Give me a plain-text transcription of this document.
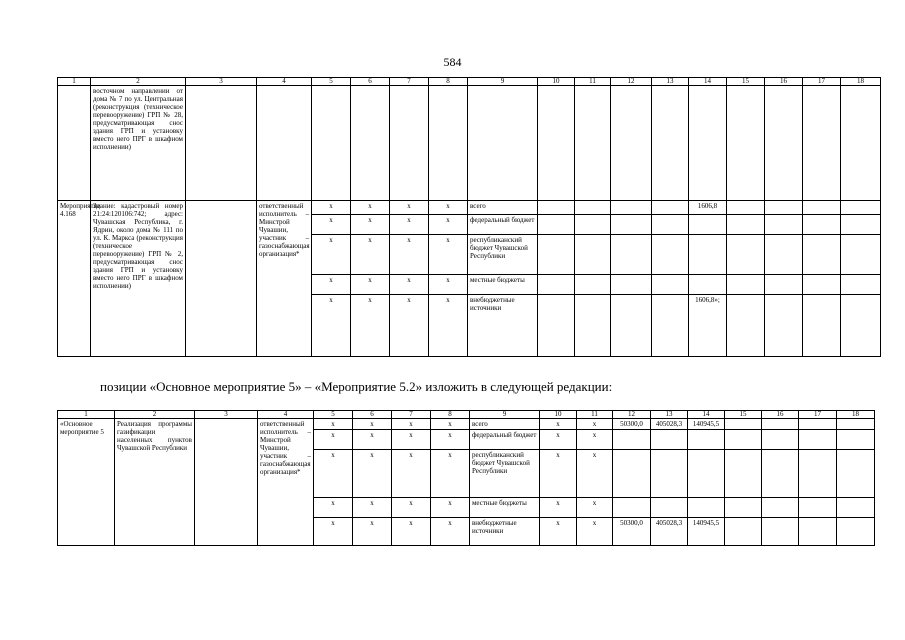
584
1	2	3	4	5	6	7	8	9	10	11	12	13	14	15	16	17	18
	восточном направлении от дома № 7 по ул. Центральная (реконструкция (техническое перевооружение) ГРП № 28, предусматривающая снос здания ГРП и установку вместо него ПРГ в шкафном исполнении)																
Мероприятие 4.168	Здание: кадастровый номер 21:24:120106:742; адрес: Чувашская Республика, г. Ядрин, около дома № 111 по ул. К. Маркса (реконструкция (техническое перевооружение) ГРП № 2, предусматривающая снос здания ГРП и установку вместо него ПРГ в шкафном исполнении)		ответственный исполнитель – Минстрой Чувашии, участник – газоснабжающая организация*	x	x	x	x	всего					1606,8				
				x	x	x	x	федеральный бюджет									
				x	x	x	x	республиканский бюджет Чувашской Республики									
				x	x	x	x	местные бюджеты									
				x	x	x	x	внебюджетные источники					1606,8»;				
позиции «Основное мероприятие 5» – «Мероприятие 5.2» изложить в следующей редакции:
1	2	3	4	5	6	7	8	9	10	11	12	13	14	15	16	17	18
«Основное мероприятие 5	Реализация программы газификации населенных пунктов Чувашской Республики		ответственный исполнитель – Минстрой Чувашии, участник – газоснабжающая организация*	x	x	x	x	всего	x	x	50300,0	405028,3	140945,5				
				x	x	x	x	федеральный бюджет	x	x							
				x	x	x	x	республиканский бюджет Чувашской Республики	x	x							
				x	x	x	x	местные бюджеты	x	x							
				x	x	x	x	внебюджетные источники	x	x	50300,0	405028,3	140945,5				
